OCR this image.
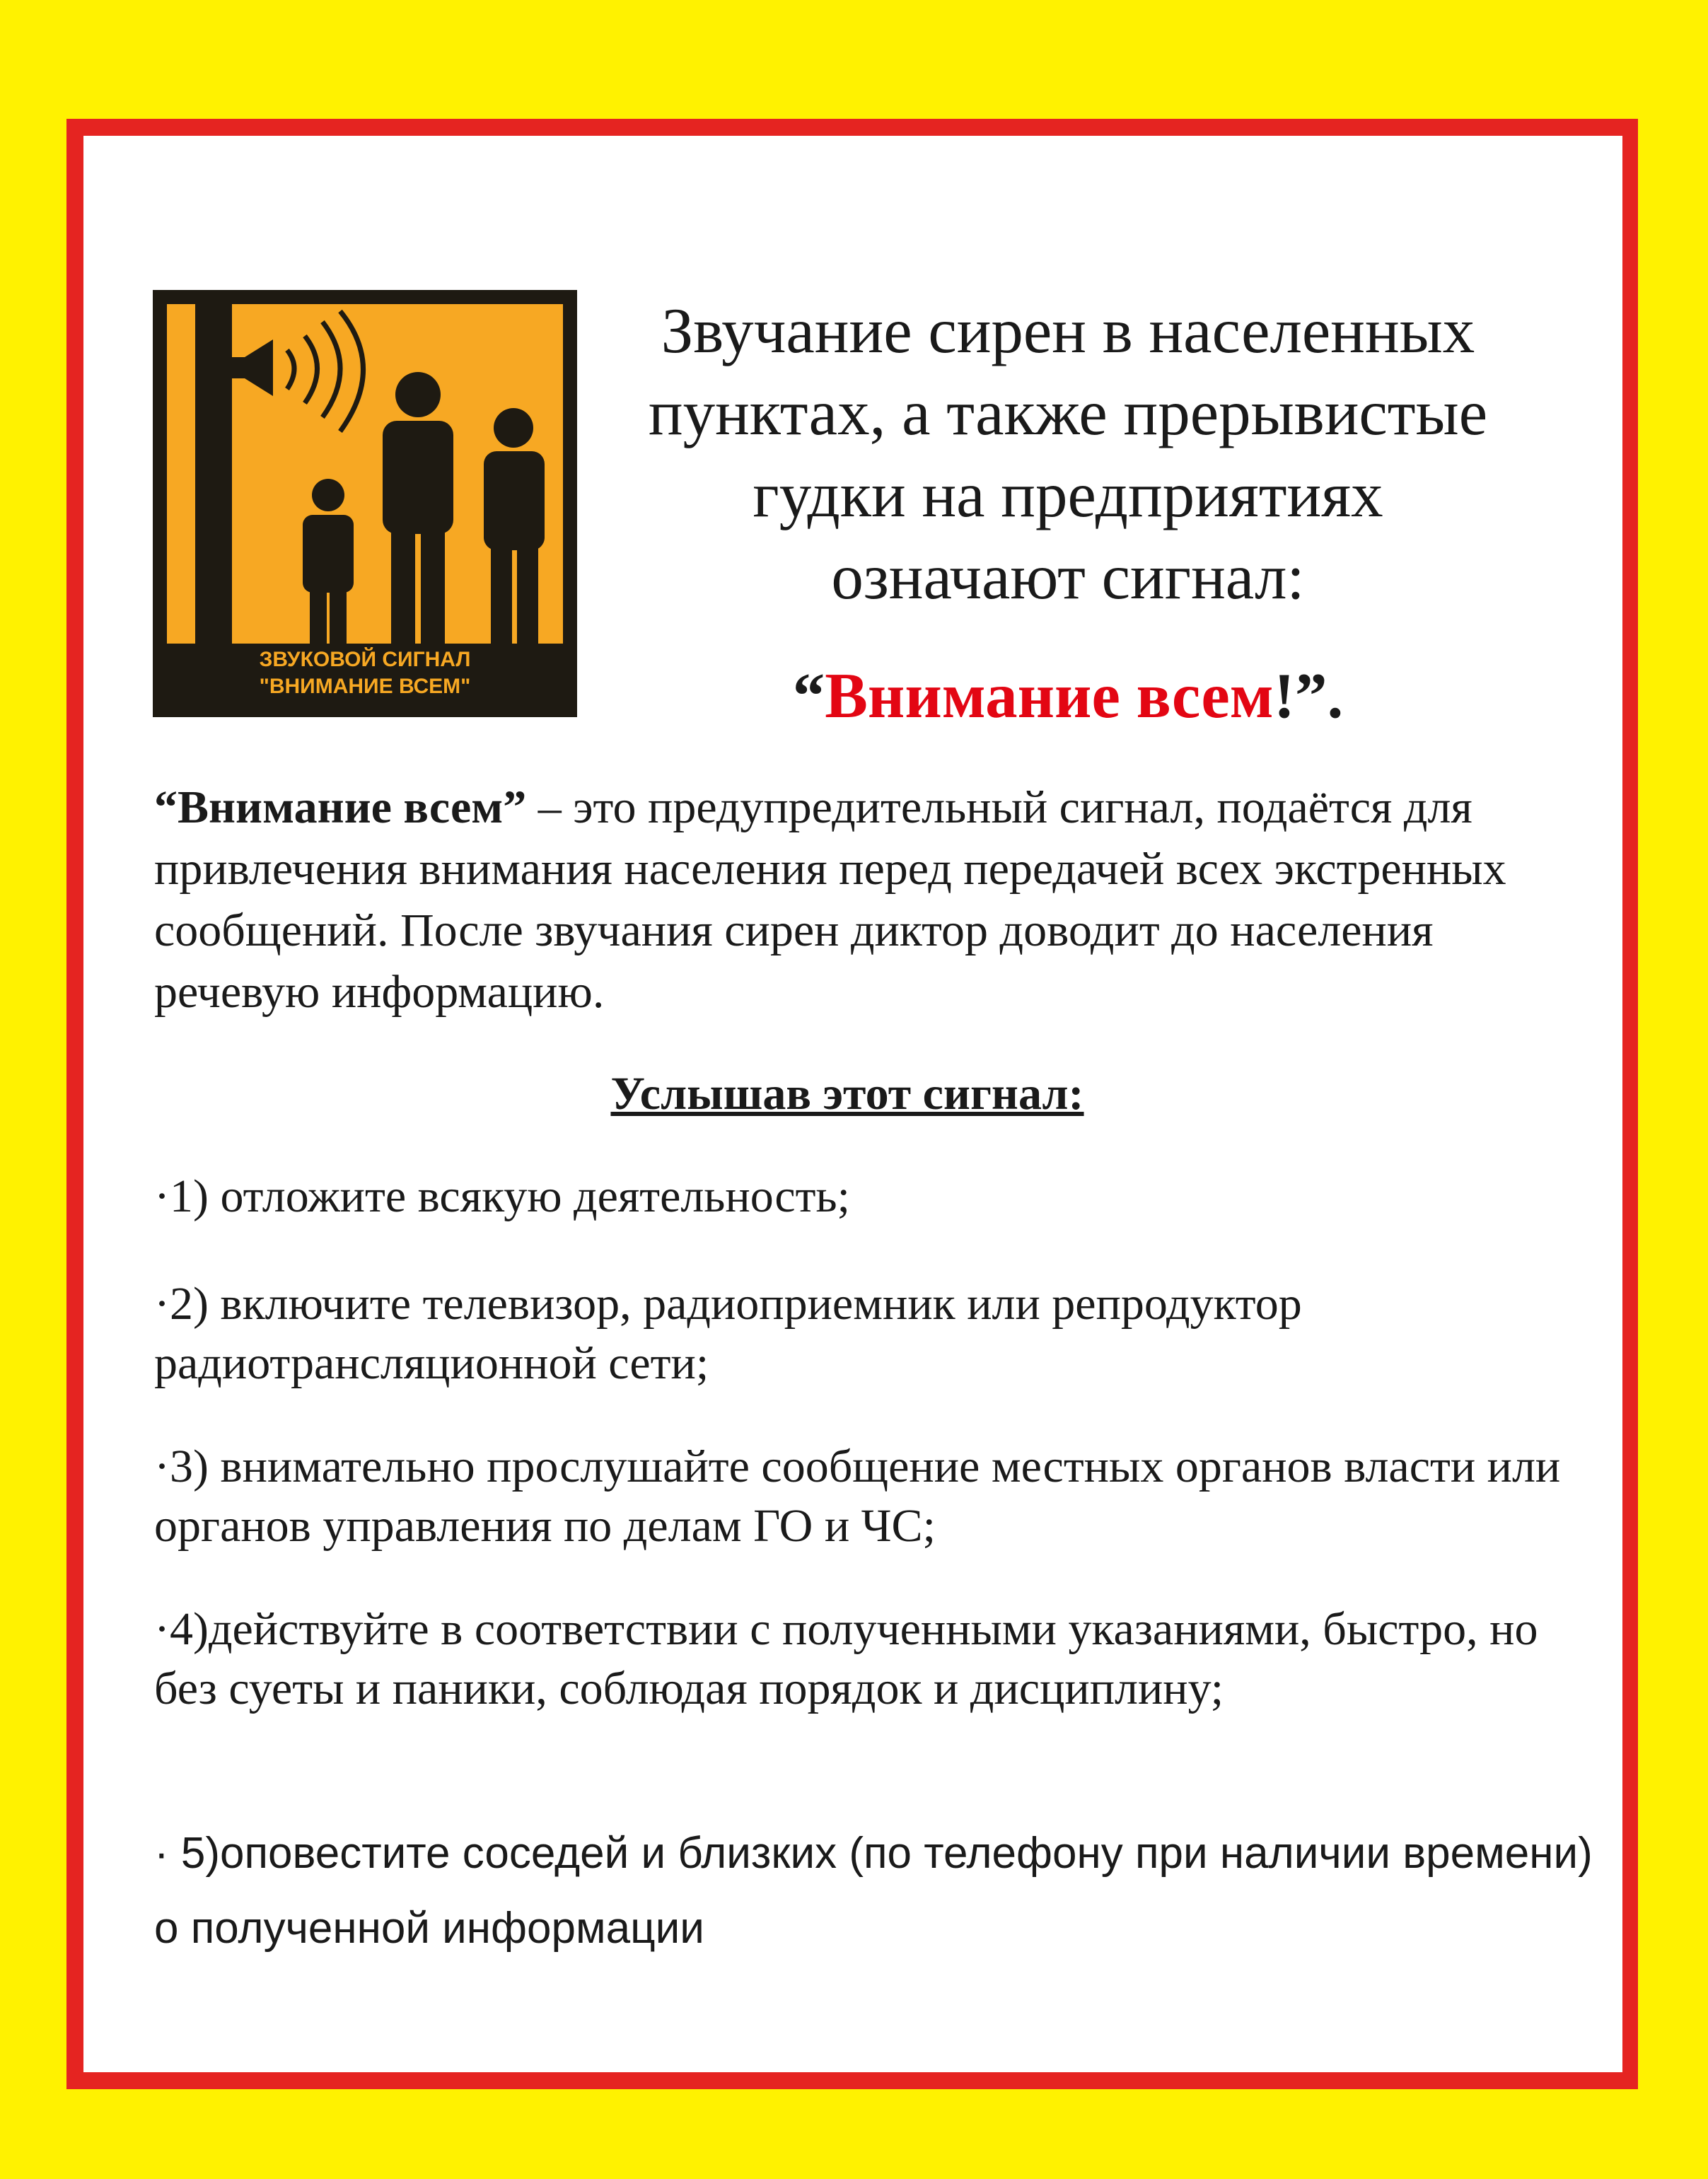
ЗВУКОВОЙ СИГНАЛ
"ВНИМАНИЕ ВСЕМ"
Звучание сирен в населенных
пунктах, а также прерывистые
гудки на предприятиях
означают сигнал:

“Внимание всем!”.

“Внимание всем” – это предупредительный сигнал, подаётся для привлечения внимания населения перед передачей всех экстренных сообщений. После звучания сирен диктор доводит до населения речевую информацию.

Услышав этот сигнал:

·1) отложите всякую деятельность;

·2) включите телевизор, радиоприемник или репродуктор радиотрансляционной сети;

·3) внимательно прослушайте сообщение местных органов власти или органов управления по делам ГО и ЧС;

·4)действуйте в соответствии с полученными указаниями, быстро, но без суеты и паники, соблюдая порядок и дисциплину;

· 5)оповестите соседей и близких (по телефону при наличии времени) о полученной информации
